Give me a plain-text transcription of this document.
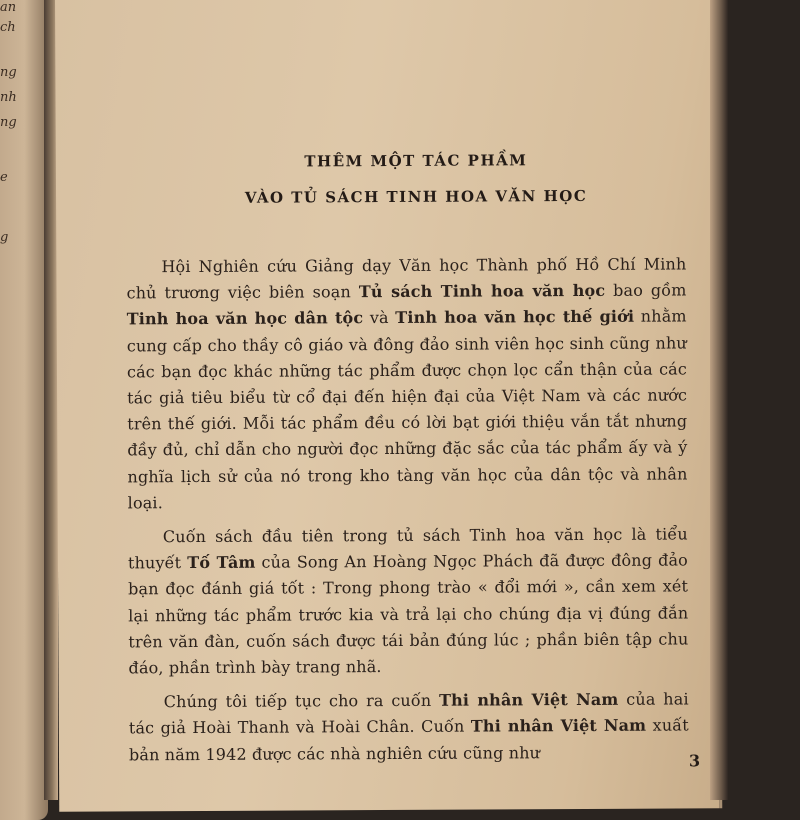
an
ch
ng
nh
ng
e
g
THÊM MỘT TÁC PHẦM
VÀO TỦ SÁCH TINH HOA VĂN HỌC

Hội Nghiên cứu Giảng dạy Văn học Thành phố Hồ Chí Minh chủ trương việc biên soạn Tủ sách Tinh hoa văn học bao gồm Tinh hoa văn học dân tộc và Tinh hoa văn học thế giới nhằm cung cấp cho thầy cô giáo và đông đảo sinh viên học sinh cũng như các bạn đọc khác những tác phẩm được chọn lọc cẩn thận của các tác giả tiêu biểu từ cổ đại đến hiện đại của Việt Nam và các nước trên thế giới. Mỗi tác phẩm đều có lời bạt giới thiệu vắn tắt nhưng đầy đủ, chỉ dẫn cho người đọc những đặc sắc của tác phẩm ấy và ý nghĩa lịch sử của nó trong kho tàng văn học của dân tộc và nhân loại.

Cuốn sách đầu tiên trong tủ sách Tinh hoa văn học là tiểu thuyết Tố Tâm của Song An Hoàng Ngọc Phách đã được đông đảo bạn đọc đánh giá tốt : Trong phong trào « đổi mới », cần xem xét lại những tác phẩm trước kia và trả lại cho chúng địa vị đúng đắn trên văn đàn, cuốn sách được tái bản đúng lúc ; phần biên tập chu đáo, phần trình bày trang nhã.

Chúng tôi tiếp tục cho ra cuốn Thi nhân Việt Nam của hai tác giả Hoài Thanh và Hoài Chân. Cuốn Thi nhân Việt Nam xuất bản năm 1942 được các nhà nghiên cứu cũng như	3
